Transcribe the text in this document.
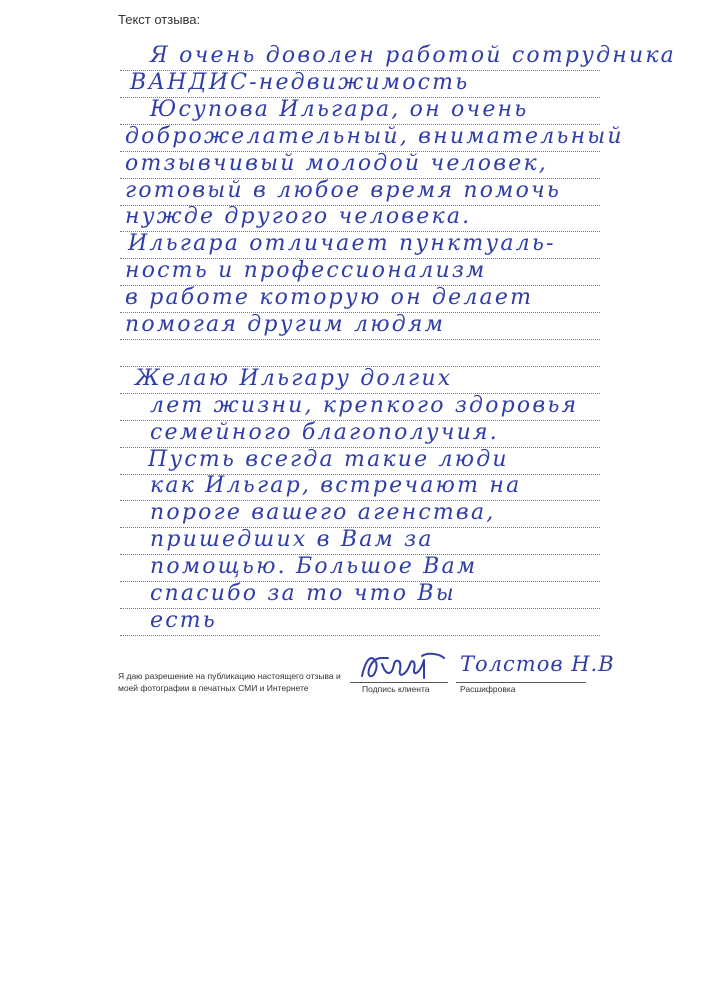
Текст отзыва:
Я очень доволен работой сотрудника
ВАНДИС-недвижимость
Юсупова Ильгара, он очень
доброжелательный, внимательный
отзывчивый молодой человек,
готовый в любое время помочь
нужде другого человека.
Ильгара отличает пунктуаль-
ность и профессионализм
в работе которую он делает
помогая другим людям
Желаю Ильгару долгих
лет жизни, крепкого здоровья
семейного благополучия.
Пусть всегда такие люди
как Ильгар, встречают на
пороге вашего агенства,
пришедших в Вам за
помощью. Большое Вам
спасибо за то что Вы
есть
Я даю разрешение на публикацию настоящего отзыва и моей фотографии в печатных СМИ и Интернете	Подпись клиента
Толстов Н.В
Расшифровка
